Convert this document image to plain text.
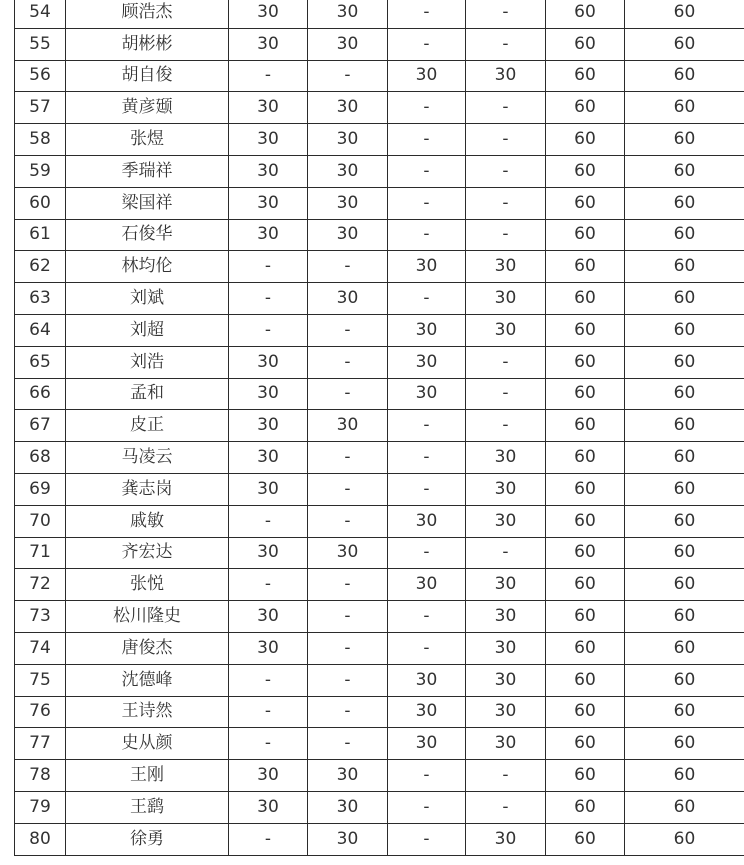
54	顾浩杰	30	30	-	-	60	60
55	胡彬彬	30	30	-	-	60	60
56	胡自俊	-	-	30	30	60	60
57	黄彦颋	30	30	-	-	60	60
58	张煜	30	30	-	-	60	60
59	季瑞祥	30	30	-	-	60	60
60	梁国祥	30	30	-	-	60	60
61	石俊华	30	30	-	-	60	60
62	林均伦	-	-	30	30	60	60
63	刘斌	-	30	-	30	60	60
64	刘超	-	-	30	30	60	60
65	刘浩	30	-	30	-	60	60
66	孟和	30	-	30	-	60	60
67	皮正	30	30	-	-	60	60
68	马凌云	30	-	-	30	60	60
69	龚志岗	30	-	-	30	60	60
70	戚敏	-	-	30	30	60	60
71	齐宏达	30	30	-	-	60	60
72	张悦	-	-	30	30	60	60
73	松川隆史	30	-	-	30	60	60
74	唐俊杰	30	-	-	30	60	60
75	沈德峰	-	-	30	30	60	60
76	王诗然	-	-	30	30	60	60
77	史从颜	-	-	30	30	60	60
78	王刚	30	30	-	-	60	60
79	王鹞	30	30	-	-	60	60
80	徐勇	-	30	-	30	60	60
